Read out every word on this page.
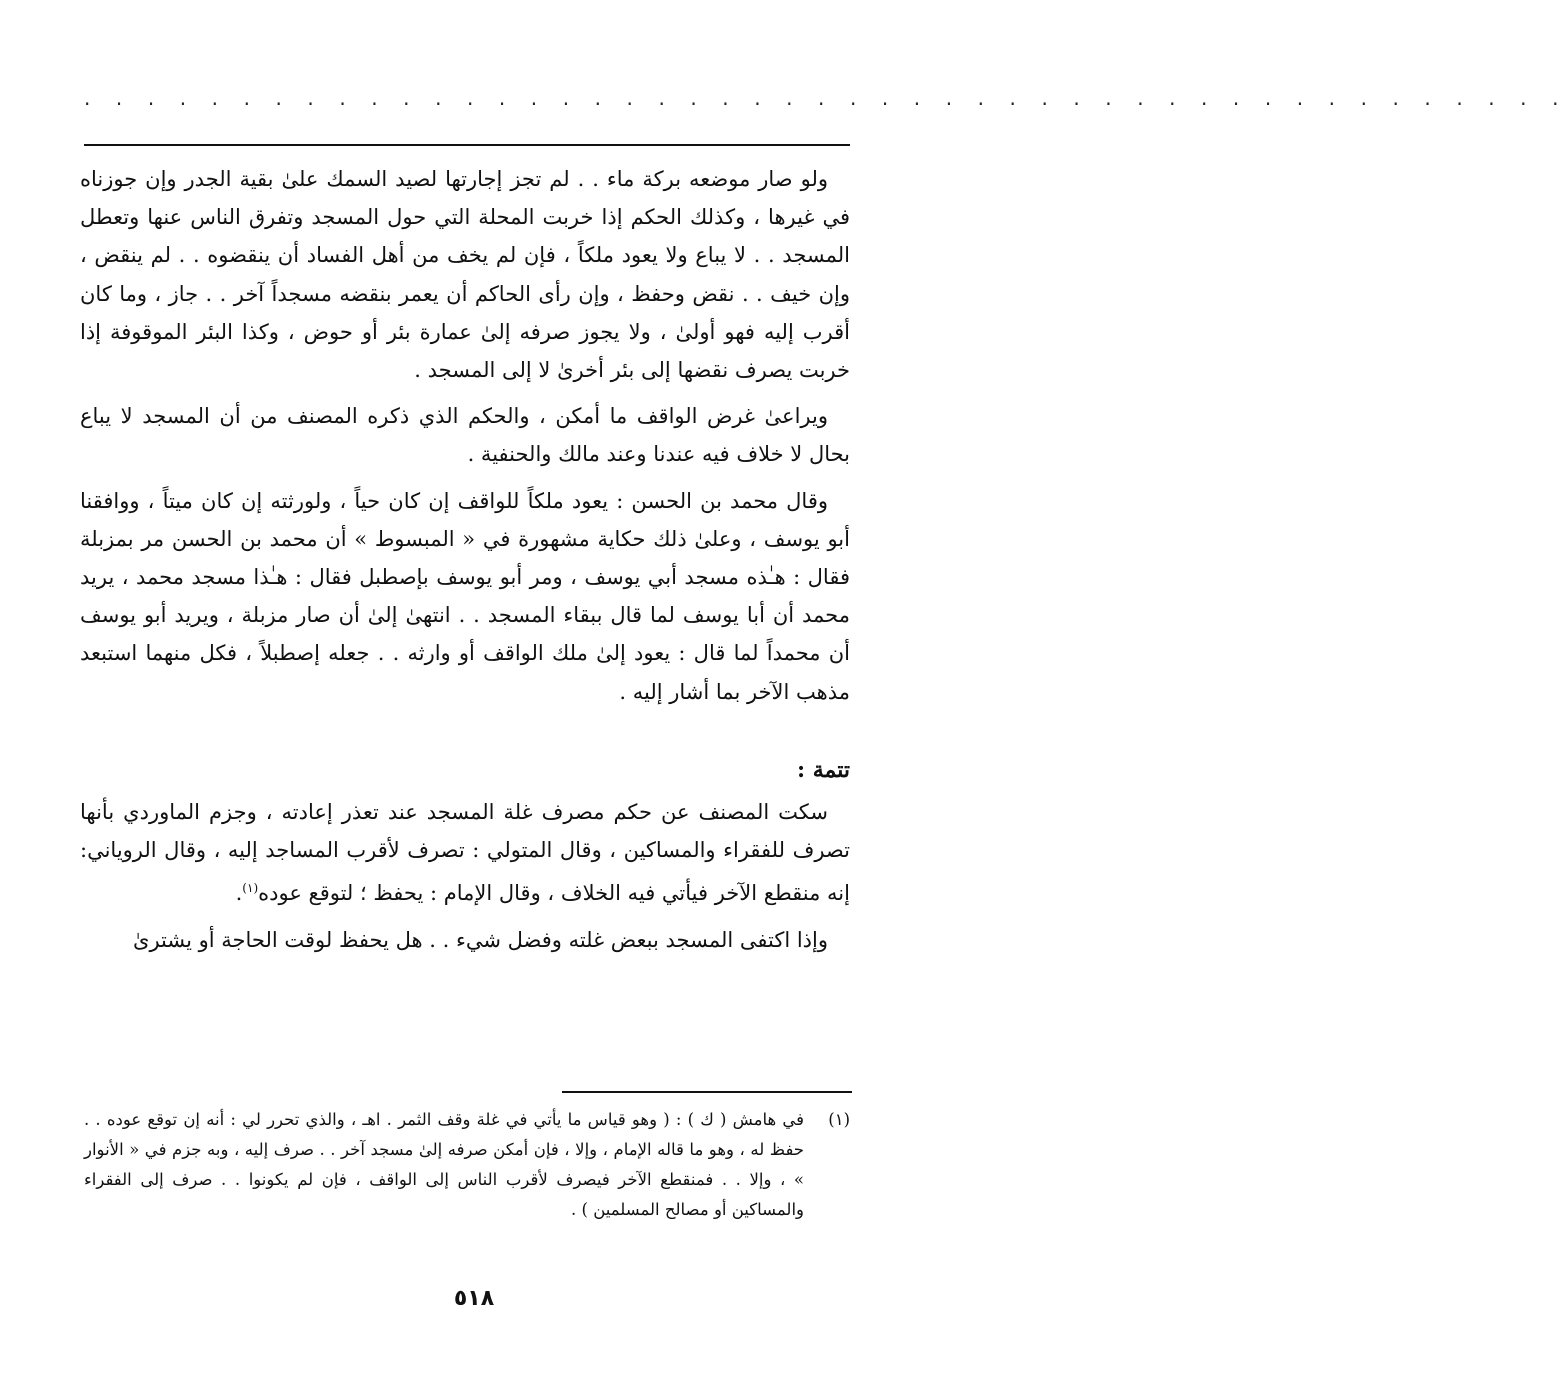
. . . . . . . . . . . . . . . . . . . . . . . . . . . . . . . . . . . . . . . . . . . . . . .

ولو صار موضعه بركة ماء . . لم تجز إجارتها لصيد السمك علىٰ بقية الجدر وإن جوزناه في غيرها ، وكذلك الحكم إذا خربت المحلة التي حول المسجد وتفرق الناس عنها وتعطل المسجد . . لا يباع ولا يعود ملكاً ، فإن لم يخف من أهل الفساد أن ينقضوه . . لم ينقض ، وإن خيف . . نقض وحفظ ، وإن رأى الحاكم أن يعمر بنقضه مسجداً آخر . . جاز ، وما كان أقرب إليه فهو أولىٰ ، ولا يجوز صرفه إلىٰ عمارة بئر أو حوض ، وكذا البئر الموقوفة إذا خربت يصرف نقضها إلى بئر أخرىٰ لا إلى المسجد .

ويراعىٰ غرض الواقف ما أمكن ، والحكم الذي ذكره المصنف من أن المسجد لا يباع بحال لا خلاف فيه عندنا وعند مالك والحنفية .

وقال محمد بن الحسن : يعود ملكاً للواقف إن كان حياً ، ولورثته إن كان ميتاً ، ووافقنا أبو يوسف ، وعلىٰ ذلك حكاية مشهورة في « المبسوط » أن محمد بن الحسن مر بمزبلة فقال : هـٰذه مسجد أبي يوسف ، ومر أبو يوسف بإصطبل فقال : هـٰذا مسجد محمد ، يريد محمد أن أبا يوسف لما قال ببقاء المسجد . . انتهىٰ إلىٰ أن صار مزبلة ، ويريد أبو يوسف أن محمداً لما قال : يعود إلىٰ ملك الواقف أو وارثه . . جعله إصطبلاً ، فكل منهما استبعد مذهب الآخر بما أشار إليه .

تتمة :

سكت المصنف عن حكم مصرف غلة المسجد عند تعذر إعادته ، وجزم الماوردي بأنها تصرف للفقراء والمساكين ، وقال المتولي : تصرف لأقرب المساجد إليه ، وقال الروياني: إنه منقطع الآخر فيأتي فيه الخلاف ، وقال الإمام : يحفظ ؛ لتوقع عوده$^{(١)}$.

وإذا اكتفى المسجد ببعض غلته وفضل شيء . . هل يحفظ لوقت الحاجة أو يشترىٰ

(١)
في هامش ( ك ) : ( وهو قياس ما يأتي في غلة وقف الثمر . اهـ ، والذي تحرر لي : أنه إن توقع عوده . . حفظ له ، وهو ما قاله الإمام ، وإلا ، فإن أمكن صرفه إلىٰ مسجد آخر . . صرف إليه ، وبه جزم في « الأنوار » ، وإلا . . فمنقطع الآخر فيصرف لأقرب الناس إلى الواقف ، فإن لم يكونوا . . صرف إلى الفقراء والمساكين أو مصالح المسلمين ) .
٥١٨
